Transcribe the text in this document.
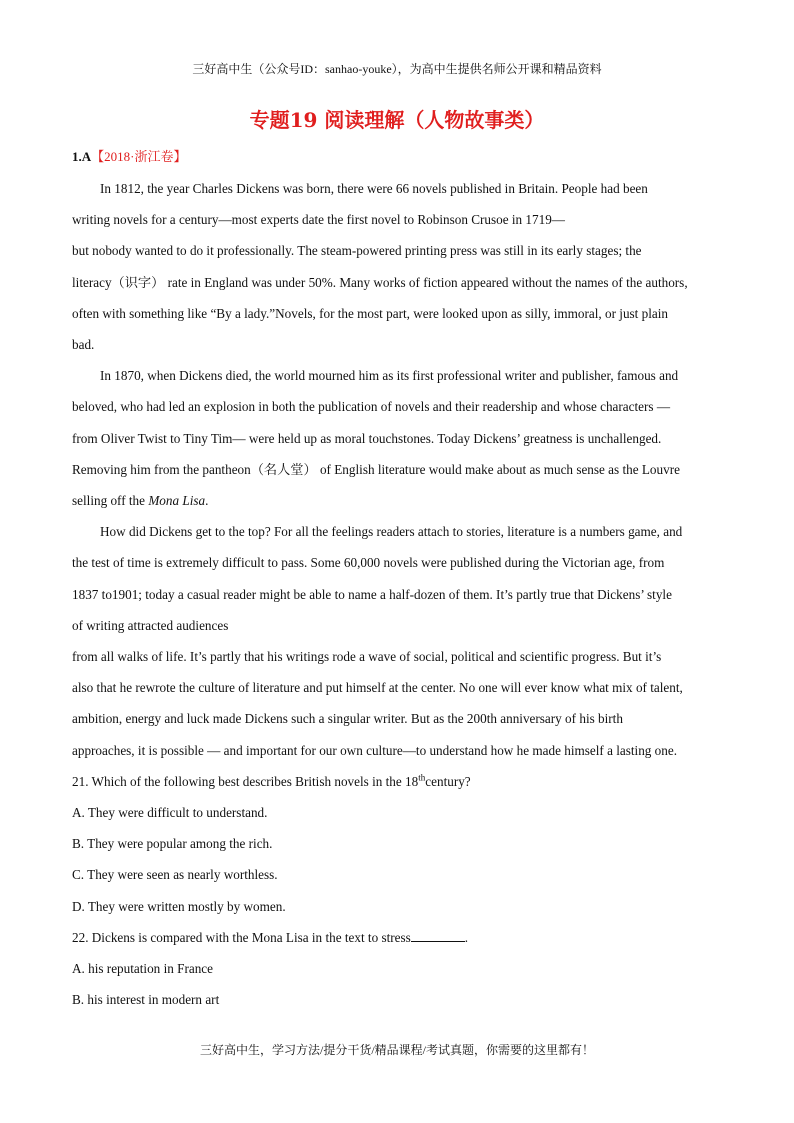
三好高中生（公众号ID：sanhao-youke），为高中生提供名师公开课和精品资料
专题19 阅读理解（人物故事类）
1.A【2018·浙江卷】

In 1812, the year Charles Dickens was born, there were 66 novels published in Britain. People had been

writing novels for a century—most experts date the first novel to Robinson Crusoe in 1719—

but nobody wanted to do it professionally. The steam-powered printing press was still in its early stages; the

literacy（识字） rate in England was under 50%. Many works of fiction appeared without the names of the authors,

often with something like “By a lady.”Novels, for the most part, were looked upon as silly, immoral, or just plain

bad.

In 1870, when Dickens died, the world mourned him as its first professional writer and publisher, famous and

beloved, who had led an explosion in both the publication of novels and their readership and whose characters —

from Oliver Twist to Tiny Tim— were held up as moral touchstones. Today Dickens’ greatness is unchallenged.

Removing him from the pantheon（名人堂） of English literature would make about as much sense as the Louvre

selling off the Mona Lisa.

How did Dickens get to the top? For all the feelings readers attach to stories, literature is a numbers game, and

the test of time is extremely difficult to pass. Some 60,000 novels were published during the Victorian age, from

1837 to1901; today a casual reader might be able to name a half-dozen of them. It’s partly true that Dickens’ style

of writing attracted audiences

from all walks of life. It’s partly that his writings rode a wave of social, political and scientific progress. But it’s

also that he rewrote the culture of literature and put himself at the center. No one will ever know what mix of talent,

ambition, energy and luck made Dickens such a singular writer. But as the 200th anniversary of his birth

approaches, it is possible — and important for our own culture—to understand how he made himself a lasting one.

21. Which of the following best describes British novels in the 18thcentury?

A. They were difficult to understand.

B. They were popular among the rich.

C. They were seen as nearly worthless.

D. They were written mostly by women.

22. Dickens is compared with the Mona Lisa in the text to stress	.

A. his reputation in France

B. his interest in modern art

三好高中生，学习方法/提分干货/精品课程/考试真题，你需要的这里都有！
